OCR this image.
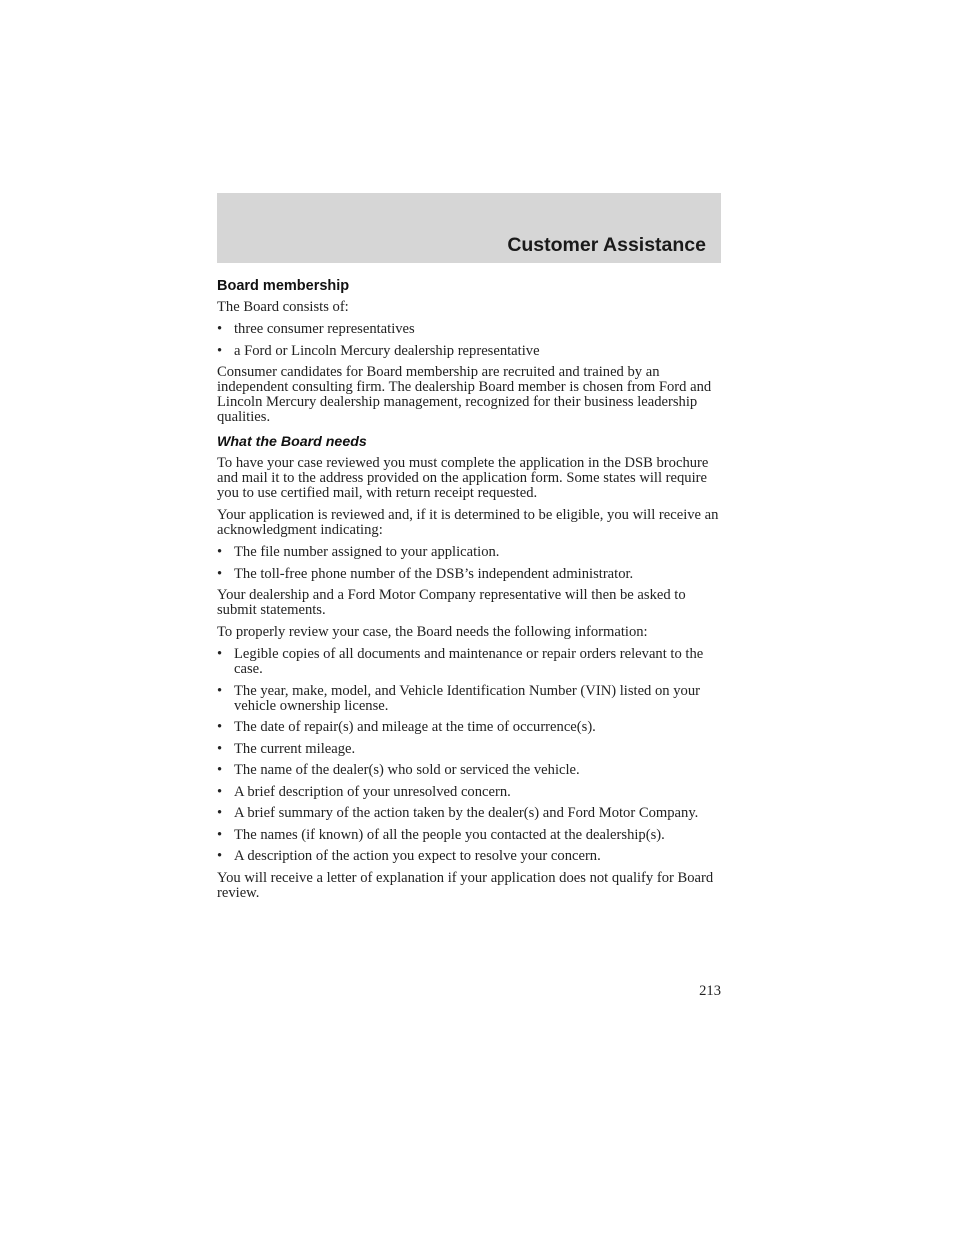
Customer Assistance
Board membership

The Board consists of:

• three consumer representatives
• a Ford or Lincoln Mercury dealership representative

Consumer candidates for Board membership are recruited and trained by an independent consulting firm. The dealership Board member is chosen from Ford and Lincoln Mercury dealership management, recognized for their business leadership qualities.

What the Board needs

To have your case reviewed you must complete the application in the DSB brochure and mail it to the address provided on the application form. Some states will require you to use certified mail, with return receipt requested.

Your application is reviewed and, if it is determined to be eligible, you will receive an acknowledgment indicating:

• The file number assigned to your application.
• The toll-free phone number of the DSB’s independent administrator.

Your dealership and a Ford Motor Company representative will then be asked to submit statements.

To properly review your case, the Board needs the following information:

• Legible copies of all documents and maintenance or repair orders relevant to the case.
• The year, make, model, and Vehicle Identification Number (VIN) listed on your vehicle ownership license.
• The date of repair(s) and mileage at the time of occurrence(s).
• The current mileage.
• The name of the dealer(s) who sold or serviced the vehicle.
• A brief description of your unresolved concern.
• A brief summary of the action taken by the dealer(s) and Ford Motor Company.
• The names (if known) of all the people you contacted at the dealership(s).
• A description of the action you expect to resolve your concern.

You will receive a letter of explanation if your application does not qualify for Board review.

213
